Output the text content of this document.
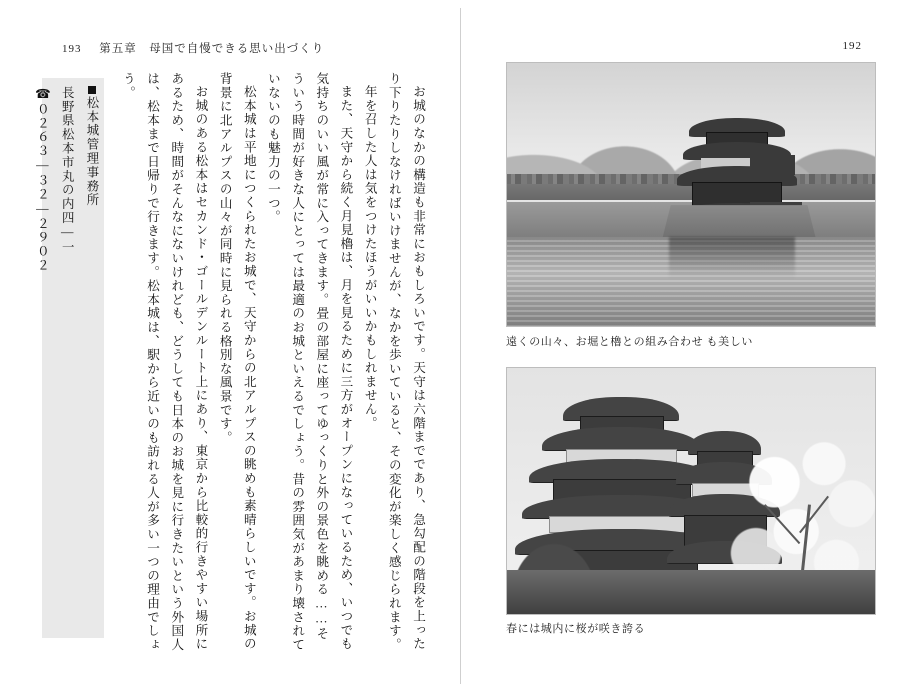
193 第五章　母国で自慢できる思い出づくり

お城のなかの構造も非常におもしろいです。天守は六階までであり、急勾配の階段を上ったり下りたりしなければいけませんが、なかを歩いていると、その変化が楽しく感じられます。

年を召した人は気をつけたほうがいいかもしれません。

また、天守から続く月見櫓は、月を見るために三方がオープンになっているため、いつでも気持ちのいい風が常に入ってきます。畳の部屋に座ってゆっくりと外の景色を眺める……そういう時間が好きな人にとっては最適のお城といえるでしょう。昔の雰囲気があまり壊されていないのも魅力の一つ。

松本城は平地につくられたお城で、天守からの北アルプスの眺めも素晴らしいです。お城の背景に北アルプスの山々が同時に見られる格別な風景です。

お城のある松本はセカンド・ゴールデンルート上にあり、東京から比較的行きやすい場所にあるため、時間がそんなにないけれども、どうしても日本のお城を見に行きたいという外国人は、松本まで日帰りで行きます。松本城は、駅から近いのも訪れる人が多い一つの理由でしょう。

松本城管理事務所
長野県松本市丸の内四—一
☎０２６３—３２—２９０２
192
遠くの山々、お堀と櫓との組み合わせ も美しい
春には城内に桜が咲き誇る
